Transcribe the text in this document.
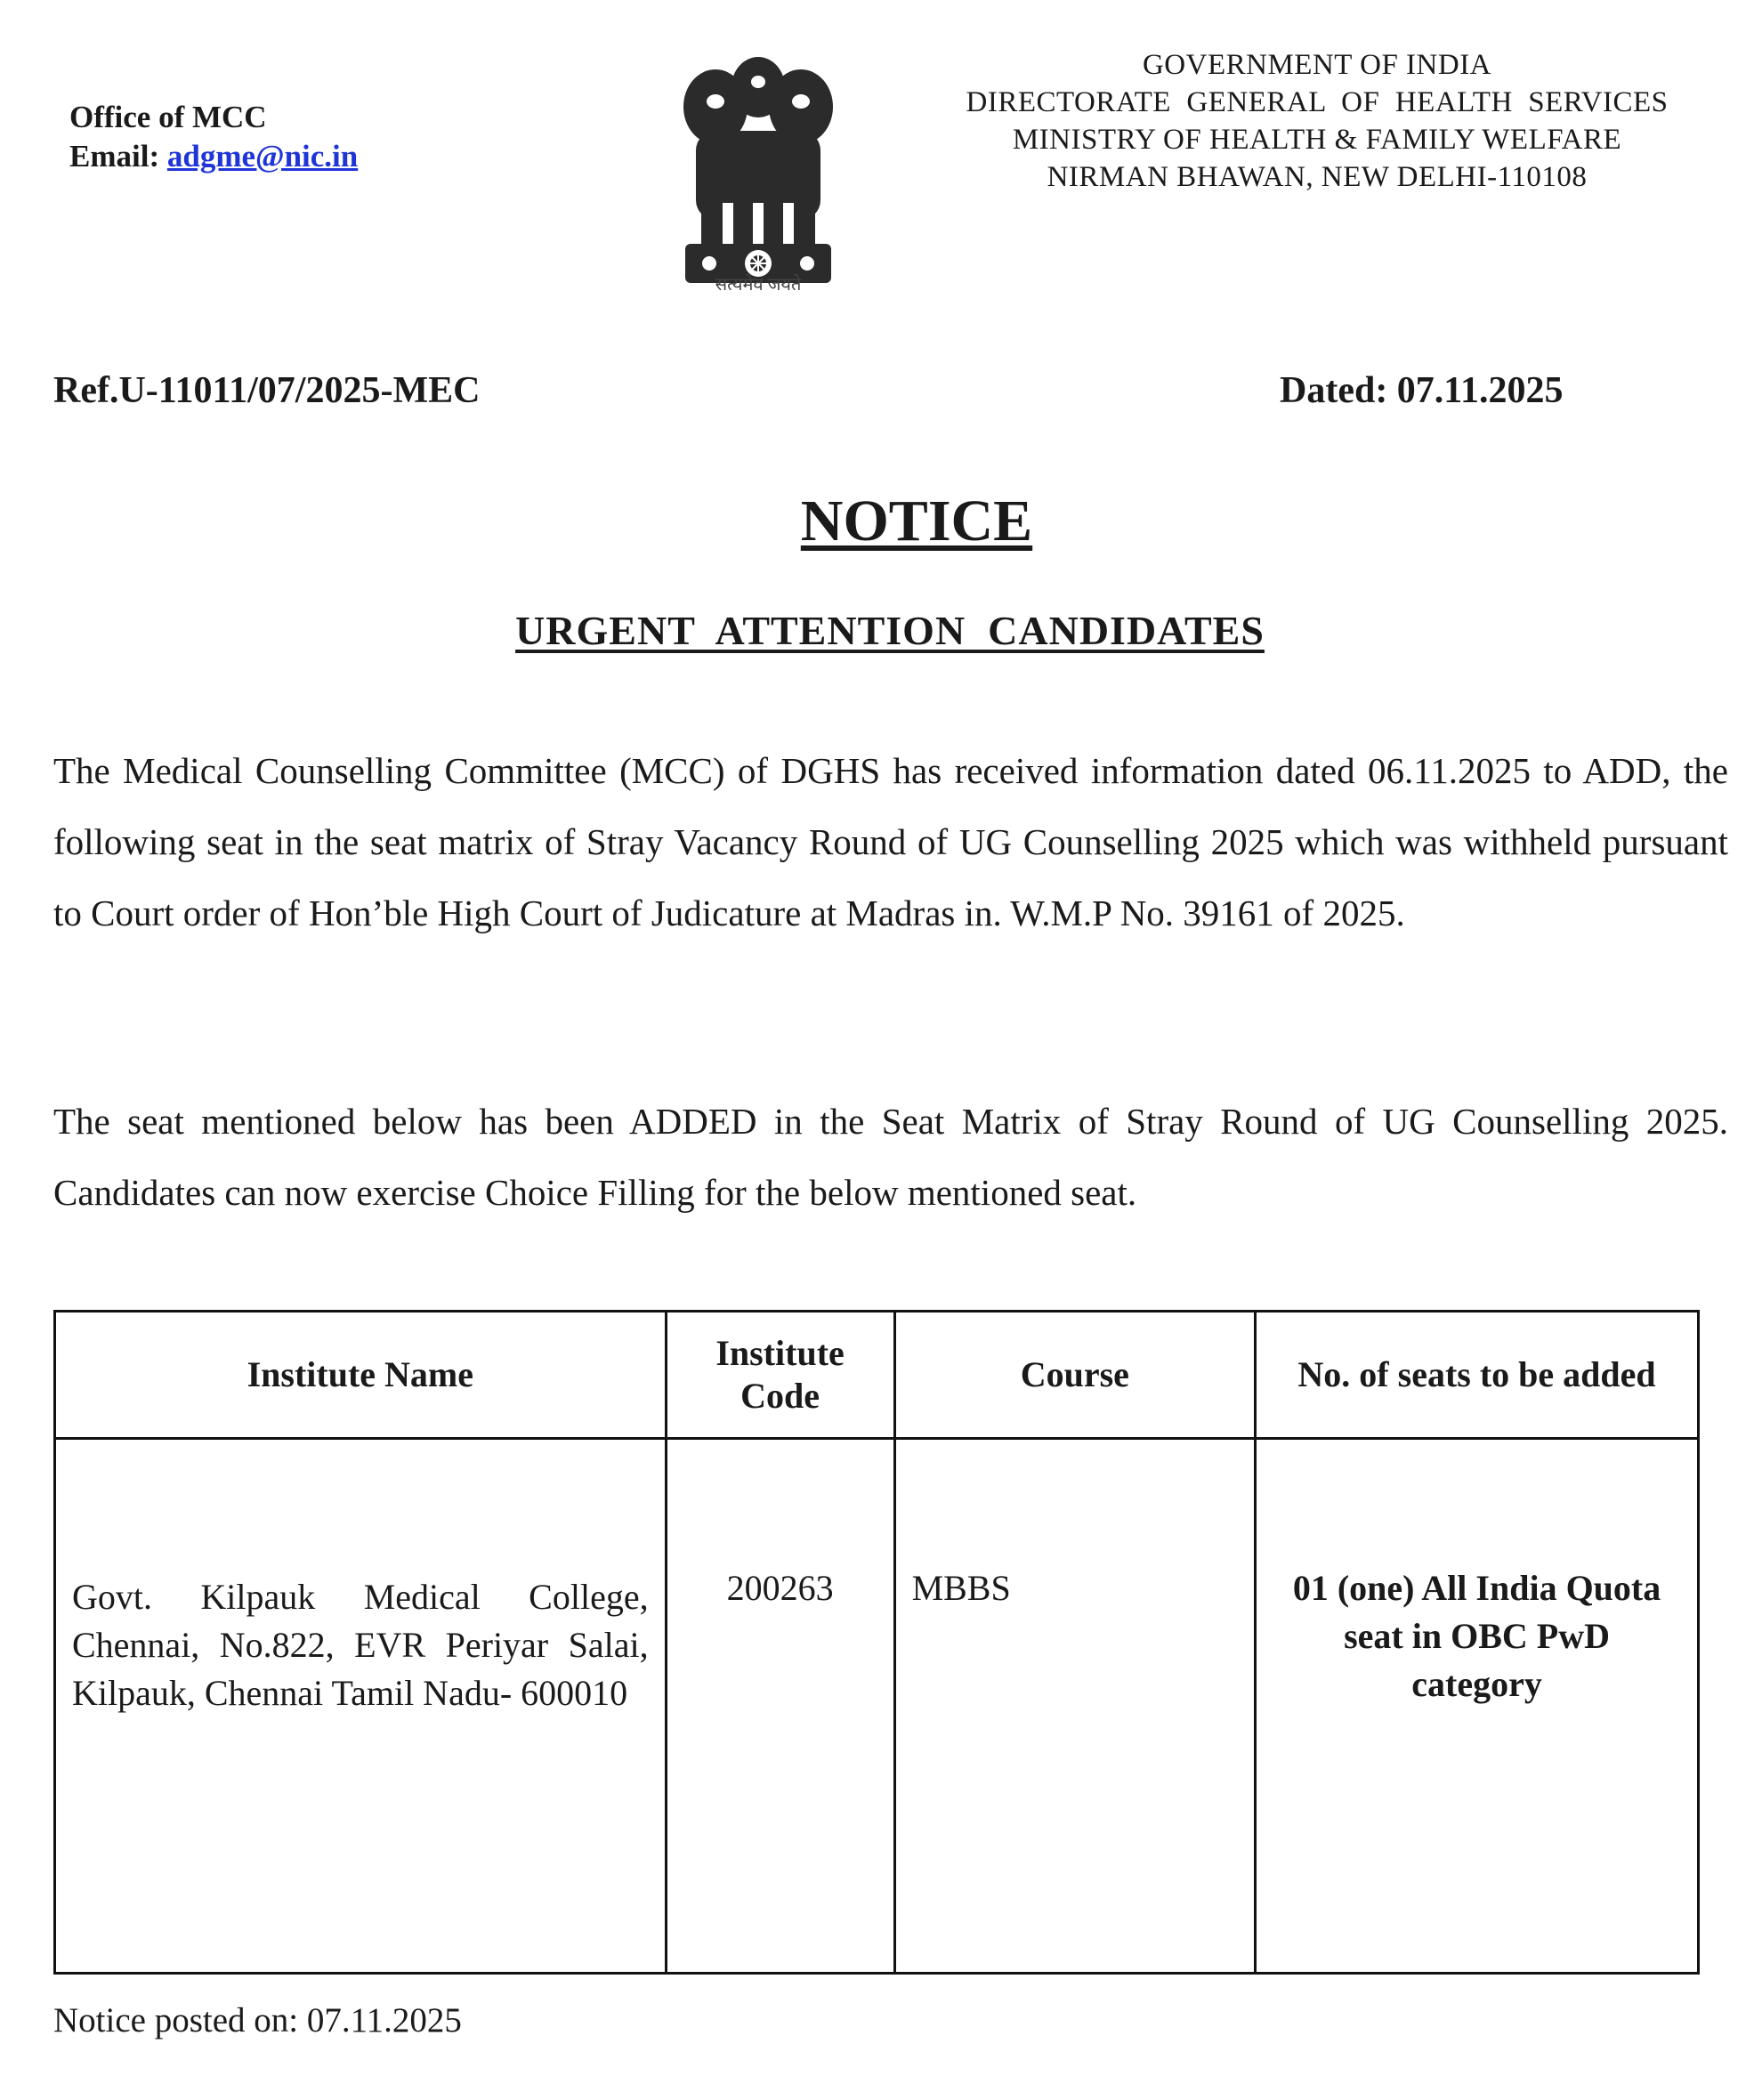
Office of MCC
Email: adgme@nic.in
सत्यमेव जयते
GOVERNMENT OF INDIA
DIRECTORATE  GENERAL  OF  HEALTH  SERVICES
MINISTRY OF HEALTH & FAMILY WELFARE
NIRMAN BHAWAN, NEW DELHI-110108
Ref.U-11011/07/2025-MEC	Dated: 07.11.2025
NOTICE
URGENT  ATTENTION  CANDIDATES
The Medical Counselling Committee (MCC) of DGHS has received information dated 06.11.2025 to ADD, the following seat in the seat matrix of Stray Vacancy Round of UG Counselling 2025 which was withheld pursuant to Court order of Hon’ble High Court of Judicature at Madras in. W.M.P No. 39161 of 2025.
The seat mentioned below has been ADDED in the Seat Matrix of Stray Round of UG Counselling 2025. Candidates can now exercise Choice Filling for the below mentioned seat.
Institute Name	Institute Code	Course	No. of seats to be added
Govt. Kilpauk Medical College, Chennai, No.822, EVR Periyar Salai, Kilpauk, Chennai Tamil Nadu- 600010	200263	MBBS	01 (one) All India Quota seat in OBC PwD category
Notice posted on: 07.11.2025
